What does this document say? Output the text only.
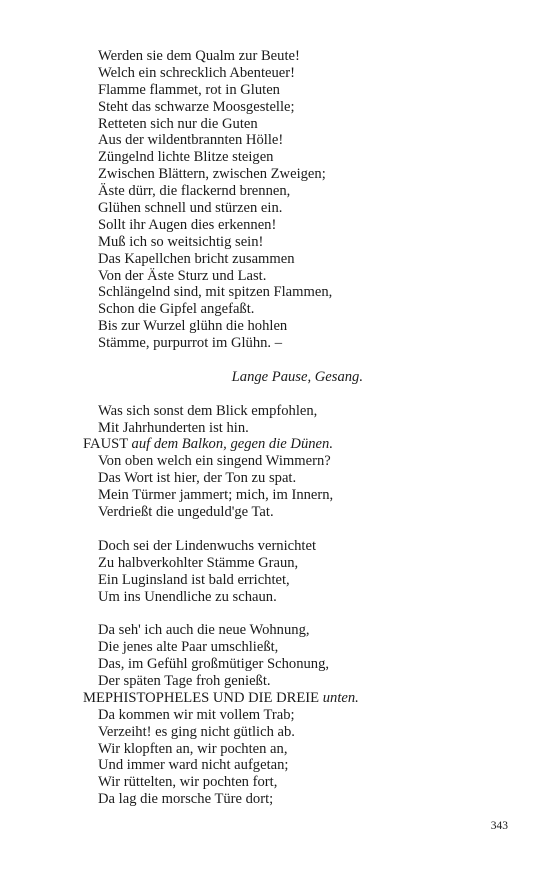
Werden sie dem Qualm zur Beute!
Welch ein schrecklich Abenteuer!
Flamme flammet, rot in Gluten
Steht das schwarze Moosgestelle;
Retteten sich nur die Guten
Aus der wildentbrannten Hölle!
Züngelnd lichte Blitze steigen
Zwischen Blättern, zwischen Zweigen;
Äste dürr, die flackernd brennen,
Glühen schnell und stürzen ein.
Sollt ihr Augen dies erkennen!
Muß ich so weitsichtig sein!
Das Kapellchen bricht zusammen
Von der Äste Sturz und Last.
Schlängelnd sind, mit spitzen Flammen,
Schon die Gipfel angefaßt.
Bis zur Wurzel glühn die hohlen
Stämme, purpurrot im Glühn. –
Lange Pause, Gesang.
Was sich sonst dem Blick empfohlen,
Mit Jahrhunderten ist hin.
FAUST auf dem Balkon, gegen die Dünen.
Von oben welch ein singend Wimmern?
Das Wort ist hier, der Ton zu spat.
Mein Türmer jammert; mich, im Innern,
Verdrießt die ungeduld'ge Tat.
Doch sei der Lindenwuchs vernichtet
Zu halbverkohlter Stämme Graun,
Ein Luginsland ist bald errichtet,
Um ins Unendliche zu schaun.
Da seh' ich auch die neue Wohnung,
Die jenes alte Paar umschließt,
Das, im Gefühl großmütiger Schonung,
Der späten Tage froh genießt.
MEPHISTOPHELES UND DIE DREIE unten.
Da kommen wir mit vollem Trab;
Verzeiht! es ging nicht gütlich ab.
Wir klopften an, wir pochten an,
Und immer ward nicht aufgetan;
Wir rüttelten, wir pochten fort,
Da lag die morsche Türe dort;
343
